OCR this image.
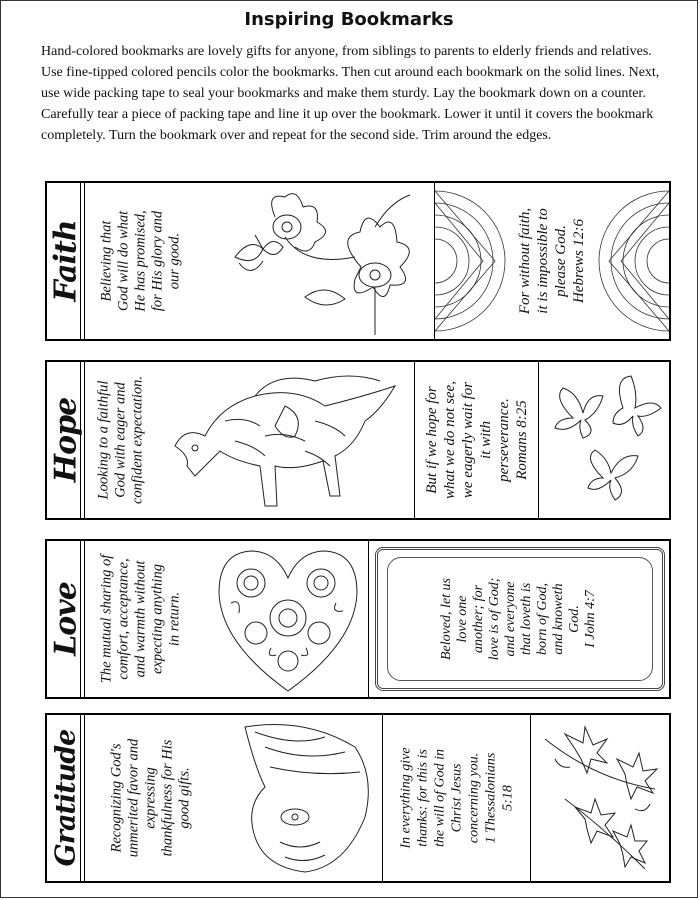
Inspiring Bookmarks
Hand-colored bookmarks are lovely gifts for anyone, from siblings to parents to elderly friends and relatives. Use fine-tipped colored pencils color the bookmarks. Then cut around each bookmark on the solid lines. Next, use wide packing tape to seal your bookmarks and make them sturdy. Lay the bookmark down on a counter. Carefully tear a piece of packing tape and line it up over the bookmark. Lower it until it covers the bookmark completely. Turn the bookmark over and repeat for the second side. Trim around the edges.
Faith Believing that God will do what He has promised, for His glory and our good.	For without faith, it is impossible to please God. Hebrews 12:6
Hope Looking to a faithful God with eager and confident expectation.	But if we hope for what we do not see, we eagerly wait for it with perseverance. Romans 8:25
Love The mutual sharing of comfort, acceptance, and warmth without expecting anything in return.	Beloved, let us love one another; for love is of God; and everyone that loveth is born of God, and knoweth God. I John 4:7
Gratitude Recognizing God's unmerited favor and expressing thankfulness for His good gifts.	In everything give thanks: for this is the will of God in Christ Jesus concerning you. 1 Thessalonians 5:18
